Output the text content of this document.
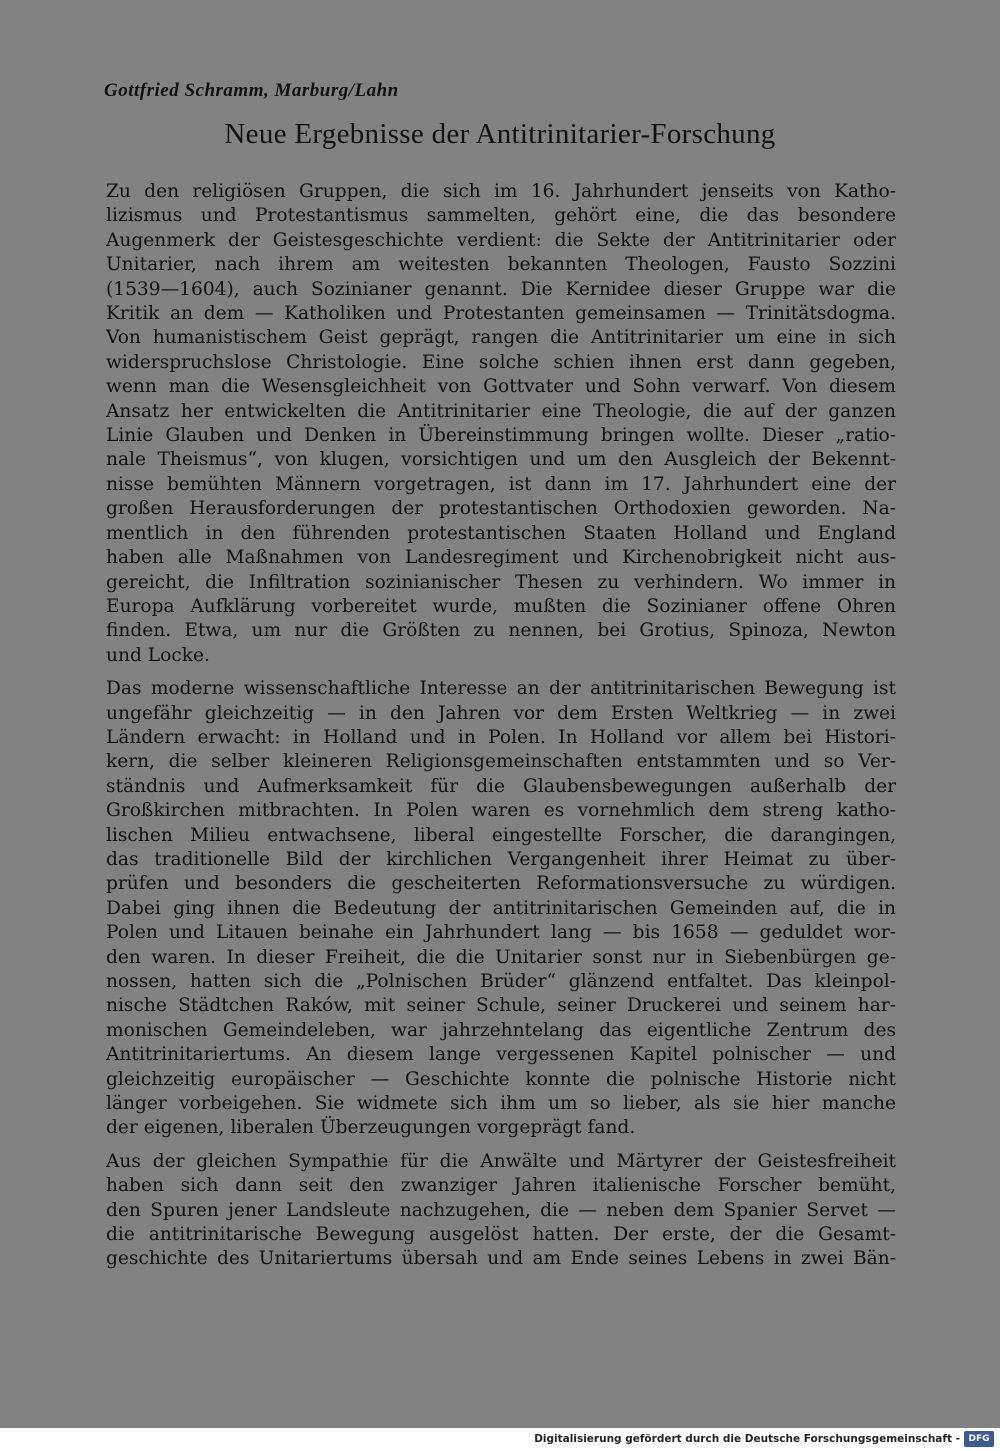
Gottfried Schramm, Marburg/Lahn
Neue Ergebnisse der Antitrinitarier-Forschung
Zu den religiösen Gruppen, die sich im 16. Jahrhundert jenseits von Katho-
lizismus und Protestantismus sammelten, gehört eine, die das besondere
Augenmerk der Geistesgeschichte verdient: die Sekte der Antitrinitarier oder
Unitarier, nach ihrem am weitesten bekannten Theologen, Fausto Sozzini
(1539—1604), auch Sozinianer genannt. Die Kernidee dieser Gruppe war die
Kritik an dem — Katholiken und Protestanten gemeinsamen — Trinitätsdogma.
Von humanistischem Geist geprägt, rangen die Antitrinitarier um eine in sich
widerspruchslose Christologie. Eine solche schien ihnen erst dann gegeben,
wenn man die Wesensgleichheit von Gottvater und Sohn verwarf. Von diesem
Ansatz her entwickelten die Antitrinitarier eine Theologie, die auf der ganzen
Linie Glauben und Denken in Übereinstimmung bringen wollte. Dieser „ratio-
nale Theismus“, von klugen, vorsichtigen und um den Ausgleich der Bekennt-
nisse bemühten Männern vorgetragen, ist dann im 17. Jahrhundert eine der
großen Herausforderungen der protestantischen Orthodoxien geworden. Na-
mentlich in den führenden protestantischen Staaten Holland und England
haben alle Maßnahmen von Landesregiment und Kirchenobrigkeit nicht aus-
gereicht, die Infiltration sozinianischer Thesen zu verhindern. Wo immer in
Europa Aufklärung vorbereitet wurde, mußten die Sozinianer offene Ohren
finden. Etwa, um nur die Größten zu nennen, bei Grotius, Spinoza, Newton
und Locke.
Das moderne wissenschaftliche Interesse an der antitrinitarischen Bewegung ist
ungefähr gleichzeitig — in den Jahren vor dem Ersten Weltkrieg — in zwei
Ländern erwacht: in Holland und in Polen. In Holland vor allem bei Histori-
kern, die selber kleineren Religionsgemeinschaften entstammten und so Ver-
ständnis und Aufmerksamkeit für die Glaubensbewegungen außerhalb der
Großkirchen mitbrachten. In Polen waren es vornehmlich dem streng katho-
lischen Milieu entwachsene, liberal eingestellte Forscher, die darangingen,
das traditionelle Bild der kirchlichen Vergangenheit ihrer Heimat zu über-
prüfen und besonders die gescheiterten Reformationsversuche zu würdigen.
Dabei ging ihnen die Bedeutung der antitrinitarischen Gemeinden auf, die in
Polen und Litauen beinahe ein Jahrhundert lang — bis 1658 — geduldet wor-
den waren. In dieser Freiheit, die die Unitarier sonst nur in Siebenbürgen ge-
nossen, hatten sich die „Polnischen Brüder“ glänzend entfaltet. Das kleinpol-
nische Städtchen Raków, mit seiner Schule, seiner Druckerei und seinem har-
monischen Gemeindeleben, war jahrzehntelang das eigentliche Zentrum des
Antitrinitariertums. An diesem lange vergessenen Kapitel polnischer — und
gleichzeitig europäischer — Geschichte konnte die polnische Historie nicht
länger vorbeigehen. Sie widmete sich ihm um so lieber, als sie hier manche
der eigenen, liberalen Überzeugungen vorgeprägt fand.
Aus der gleichen Sympathie für die Anwälte und Märtyrer der Geistesfreiheit
haben sich dann seit den zwanziger Jahren italienische Forscher bemüht,
den Spuren jener Landsleute nachzugehen, die — neben dem Spanier Servet —
die antitrinitarische Bewegung ausgelöst hatten. Der erste, der die Gesamt-
geschichte des Unitariertums übersah und am Ende seines Lebens in zwei Bän-
Digitalisierung gefördert durch die Deutsche Forschungsgemeinschaft - DFG
